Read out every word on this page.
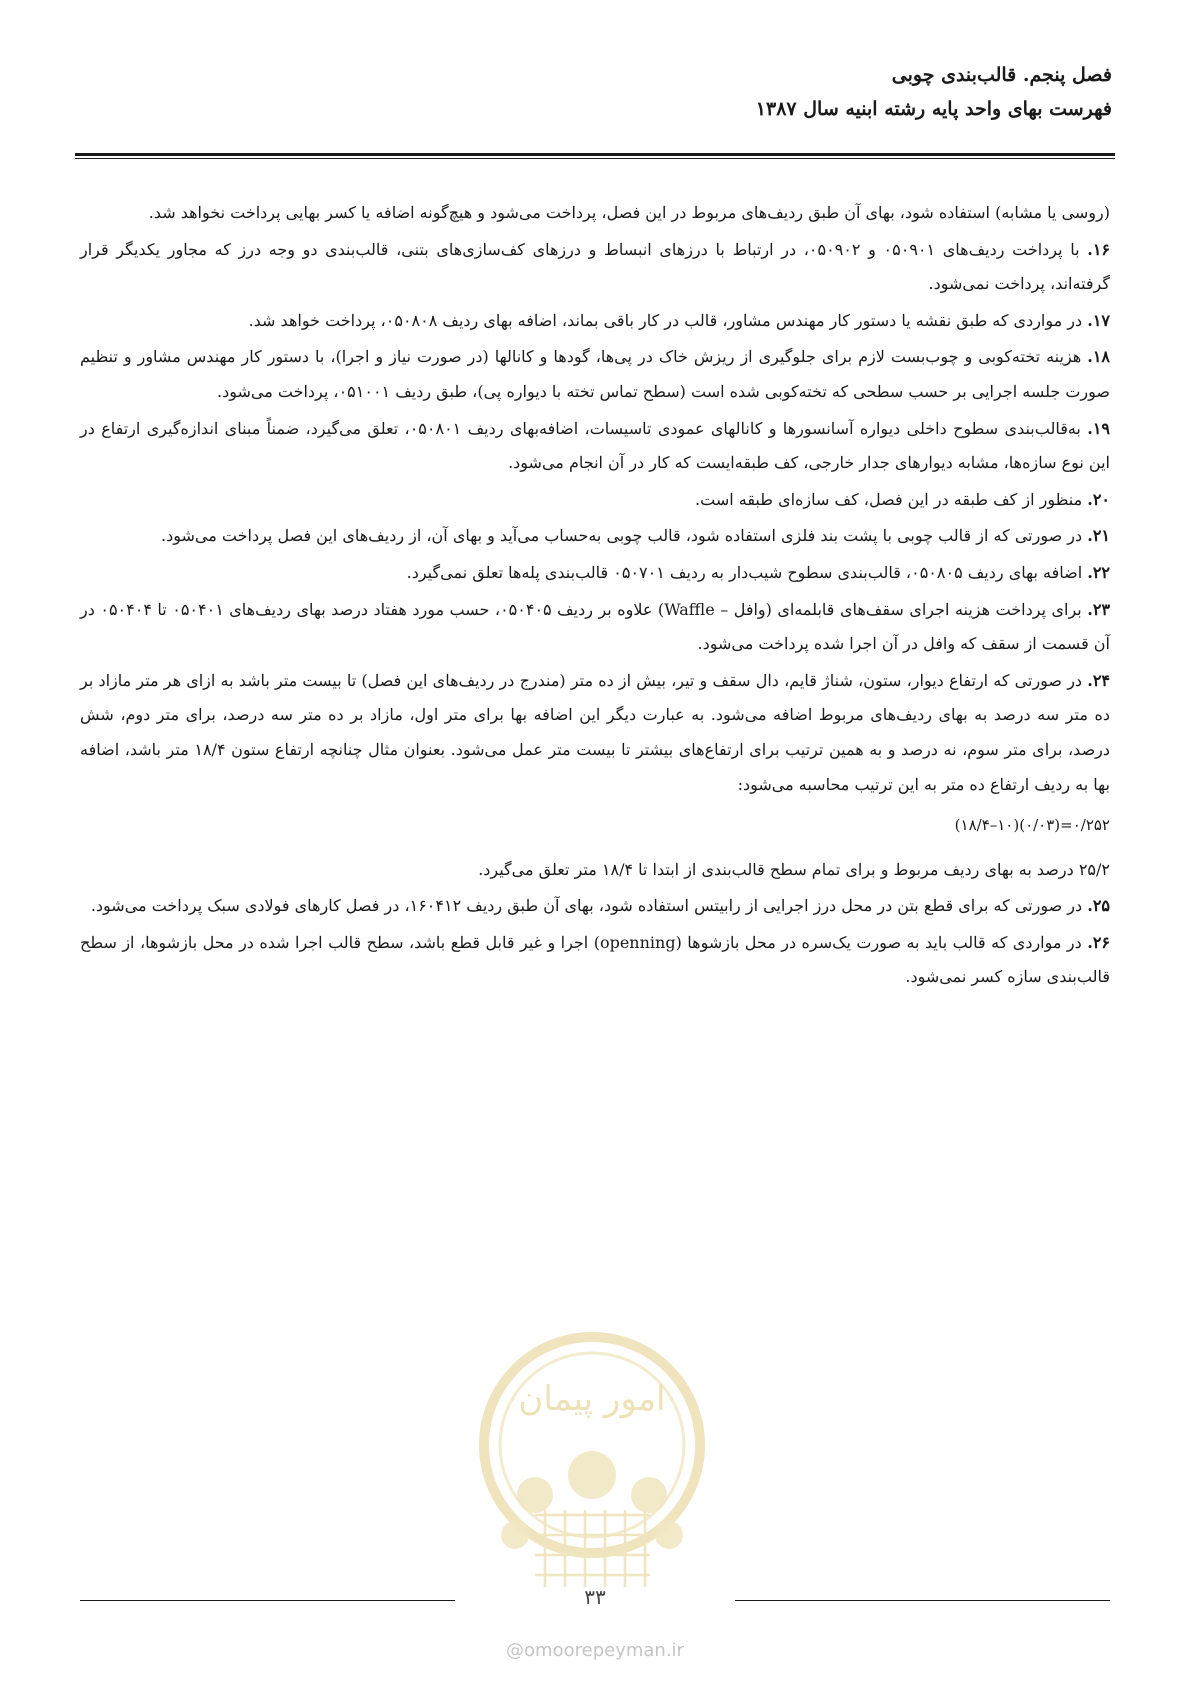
فصل پنجم. قالب‌بندی چوبی
فهرست بهای واحد پایه رشته ابنیه سال ۱۳۸۷

(روسی یا مشابه) استفاده شود، بهای آن طبق ردیف‌های مربوط در این فصل، پرداخت می‌شود و هیچ‌گونه اضافه یا کسر بهایی پرداخت نخواهد شد.

۱۶. با پرداخت ردیف‌های ۰۵۰۹۰۱ و ۰۵۰۹۰۲، در ارتباط با درزهای انبساط و درزهای کف‌سازی‌های بتنی، قالب‌بندی دو وجه درز که مجاور یکدیگر قرار گرفته‌اند، پرداخت نمی‌شود.

۱۷. در مواردی که طبق نقشه یا دستور کار مهندس مشاور، قالب در کار باقی بماند، اضافه بهای ردیف ۰۵۰۸۰۸، پرداخت خواهد شد.

۱۸. هزینه تخته‌کوبی و چوب‌بست لازم برای جلوگیری از ریزش خاک در پی‌ها، گودها و کانالها (در صورت نیاز و اجرا)، با دستور کار مهندس مشاور و تنظیم صورت جلسه اجرایی بر حسب سطحی که تخته‌کوبی شده است (سطح تماس تخته با دیواره پی)، طبق ردیف ۰۵۱۰۰۱، پرداخت می‌شود.

۱۹. به‌قالب‌بندی سطوح داخلی دیواره آسانسورها و کانالهای عمودی تاسیسات، اضافه‌بهای ردیف ۰۵۰۸۰۱، تعلق می‌گیرد، ضمناً مبنای اندازه‌گیری ارتفاع در این نوع سازه‌ها، مشابه دیوارهای جدار خارجی، کف طبقه‌ایست که کار در آن انجام می‌شود.

۲۰. منظور از کف طبقه در این فصل، کف سازه‌ای طبقه است.

۲۱. در صورتی که از قالب چوبی با پشت بند فلزی استفاده شود، قالب چوبی به‌حساب می‌آید و بهای آن، از ردیف‌های این فصل پرداخت می‌شود.

۲۲. اضافه بهای ردیف ۰۵۰۸۰۵، قالب‌بندی سطوح شیب‌دار به ردیف ۰۵۰۷۰۱ قالب‌بندی پله‌ها تعلق نمی‌گیرد.

۲۳. برای پرداخت هزینه اجرای سقف‌های قابلمه‌ای (وافل – Waffle) علاوه بر ردیف ۰۵۰۴۰۵، حسب مورد هفتاد درصد بهای ردیف‌های ۰۵۰۴۰۱ تا ۰۵۰۴۰۴ در آن قسمت از سقف که وافل در آن اجرا شده پرداخت می‌شود.

۲۴. در صورتی که ارتفاع دیوار، ستون، شناژ قایم، دال سقف و تیر، بیش از ده متر (مندرج در ردیف‌های این فصل) تا بیست متر باشد به ازای هر متر مازاد بر ده متر سه درصد به بهای ردیف‌های مربوط اضافه می‌شود. به عبارت دیگر این اضافه بها برای متر اول، مازاد بر ده متر سه درصد، برای متر دوم، شش درصد، برای متر سوم، نه درصد و به همین ترتیب برای ارتفاع‌های بیشتر تا بیست متر عمل می‌شود. بعنوان مثال چنانچه ارتفاع ستون ۱۸/۴ متر باشد، اضافه بها به ردیف ارتفاع ده متر به این ترتیب محاسبه می‌شود:

(۱۸/۴–۱۰)(۰/۰۳)=۰/۲۵۲

۲۵/۲ درصد به بهای ردیف مربوط و برای تمام سطح قالب‌بندی از ابتدا تا ۱۸/۴ متر تعلق می‌گیرد.

۲۵. در صورتی که برای قطع بتن در محل درز اجرایی از رابیتس استفاده شود، بهای آن طبق ردیف ۱۶۰۴۱۲، در فصل کارهای فولادی سبک پرداخت می‌شود.

۲۶. در مواردی که قالب باید به صورت یک‌سره در محل بازشوها (openning) اجرا و غیر قابل قطع باشد، سطح قالب اجرا شده در محل بازشوها، از سطح قالب‌بندی سازه کسر نمی‌شود.

امور پیمان
۳۳
@omoorepeyman.ir
